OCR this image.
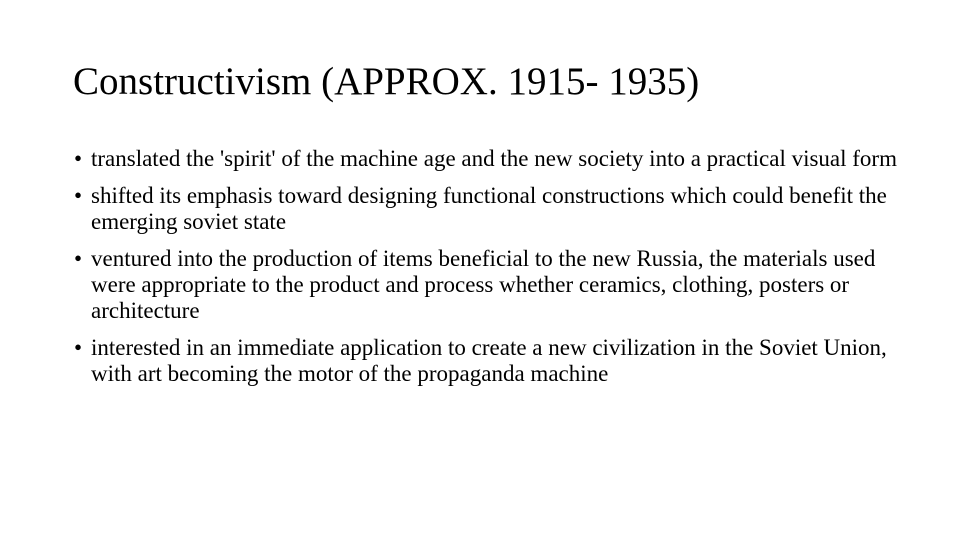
Constructivism (APPROX. 1915- 1935)
• translated the 'spirit' of the machine age and the new society into a practical visual form
• shifted its emphasis toward designing functional constructions which could benefit the emerging soviet state
• ventured into the production of items beneficial to the new Russia, the materials used were appropriate to the product and process whether ceramics, clothing, posters or architecture
• interested in an immediate application to create a new civilization in the Soviet Union, with art becoming the motor of the propaganda machine
